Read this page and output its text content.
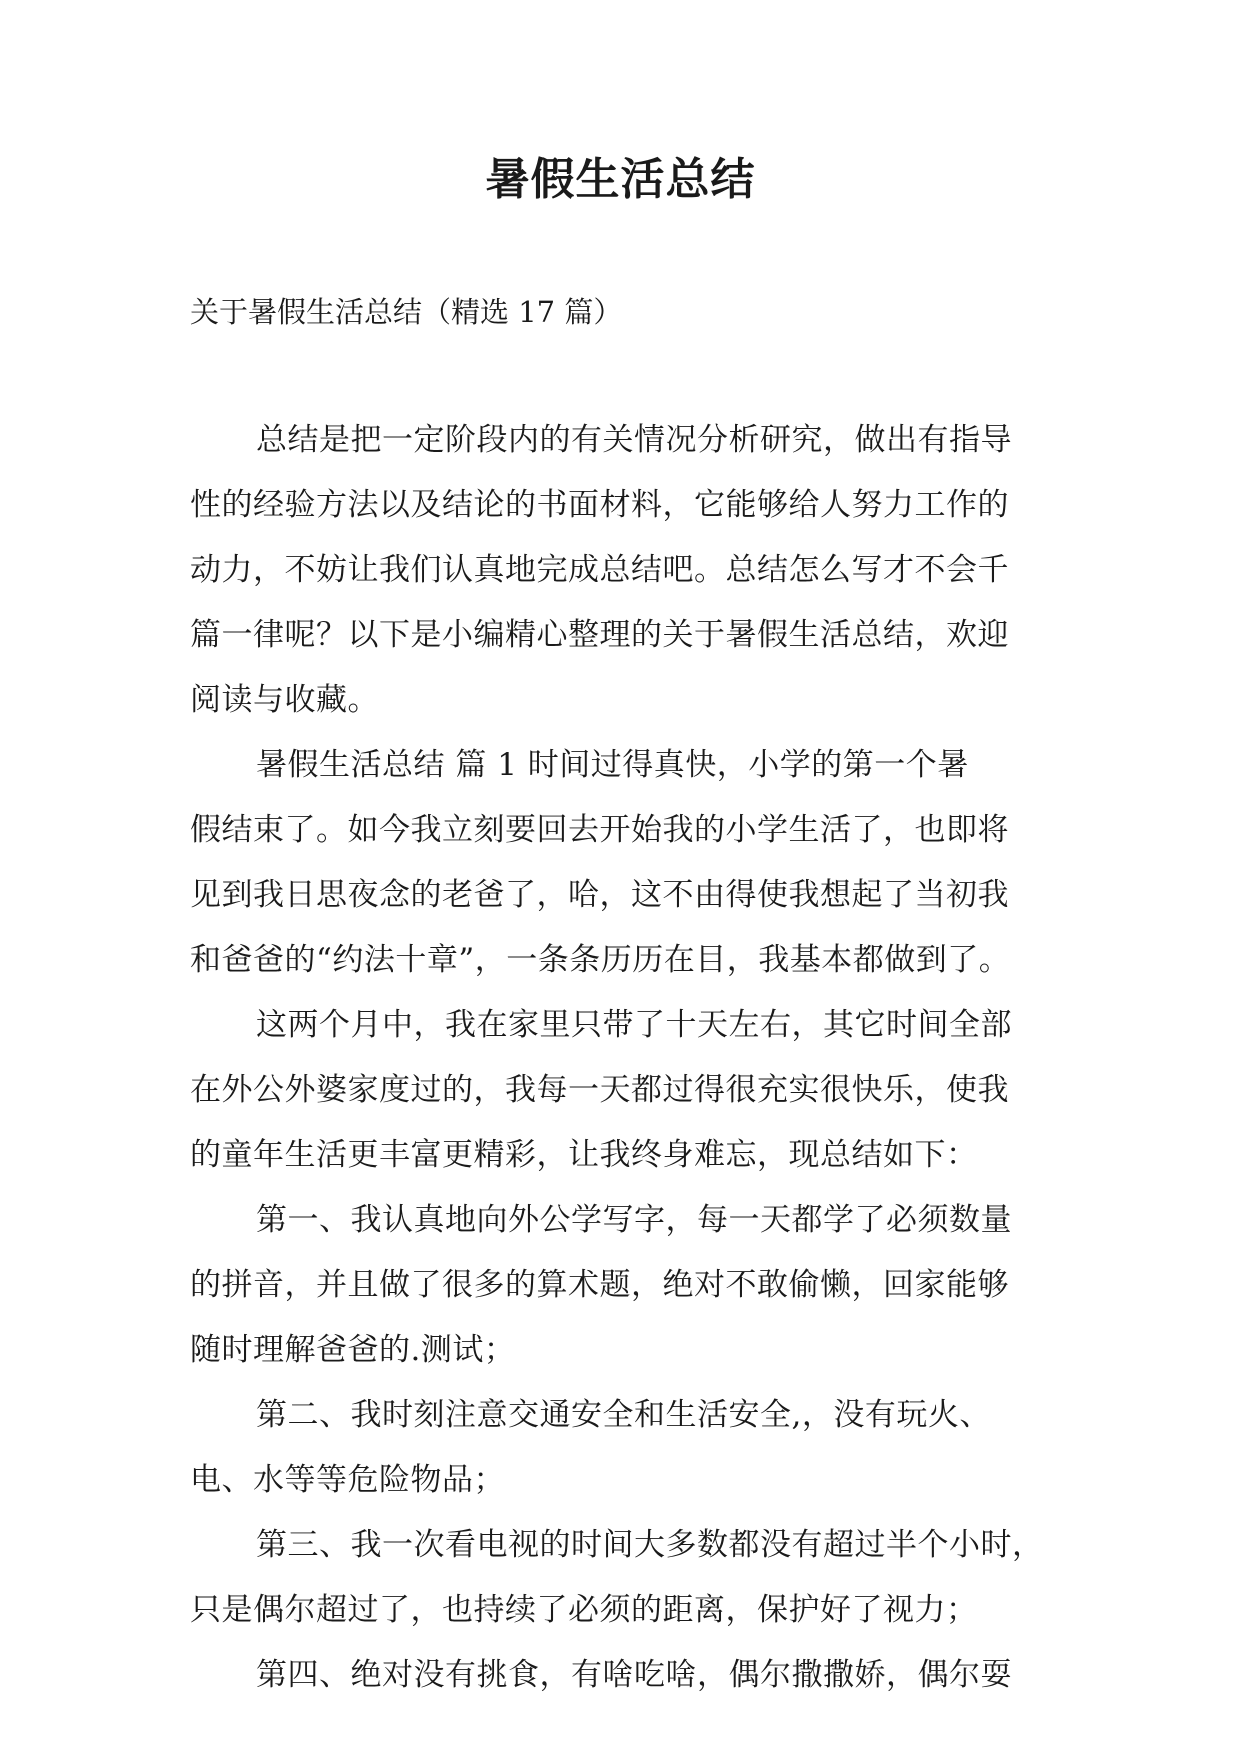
暑假生活总结
关于暑假生活总结（精选 17 篇）
总结是把一定阶段内的有关情况分析研究，做出有指导
性的经验方法以及结论的书面材料，它能够给人努力工作的
动力，不妨让我们认真地完成总结吧。总结怎么写才不会千
篇一律呢？以下是小编精心整理的关于暑假生活总结，欢迎
阅读与收藏。
暑假生活总结 篇 1 时间过得真快，小学的第一个暑
假结束了。如今我立刻要回去开始我的小学生活了，也即将
见到我日思夜念的老爸了，哈，这不由得使我想起了当初我
和爸爸的“约法十章”，一条条历历在目，我基本都做到了。
这两个月中，我在家里只带了十天左右，其它时间全部
在外公外婆家度过的，我每一天都过得很充实很快乐，使我
的童年生活更丰富更精彩，让我终身难忘，现总结如下：
第一、我认真地向外公学写字，每一天都学了必须数量
的拼音，并且做了很多的算术题，绝对不敢偷懒，回家能够
随时理解爸爸的.测试；
第二、我时刻注意交通安全和生活安全,，没有玩火、
电、水等等危险物品；
第三、我一次看电视的时间大多数都没有超过半个小时，
只是偶尔超过了，也持续了必须的距离，保护好了视力；
第四、绝对没有挑食，有啥吃啥，偶尔撒撒娇，偶尔耍
